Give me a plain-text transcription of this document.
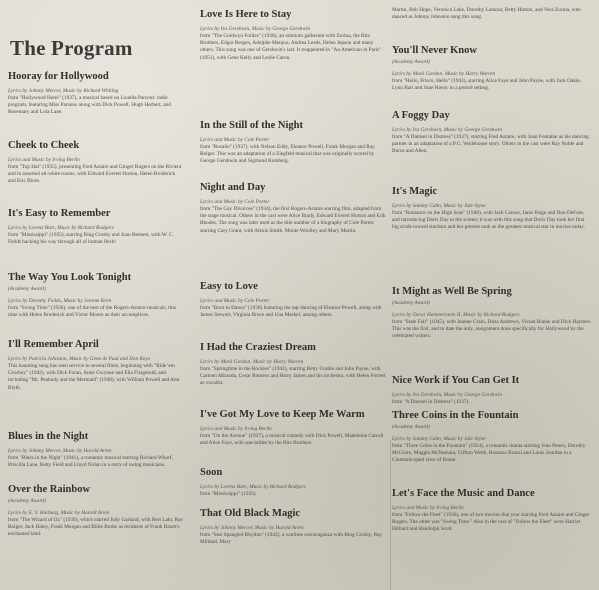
The Program
Hooray for Hollywood
Lyrics by Johnny Mercer, Music by Richard Whiting
from "Hollywood Hotel" (1937), a musical based on Louella Parsons' radio program, featuring Miss Parsons along with Dick Powell, Hugh Herbert, and Rosemary and Lola Lane.
Cheek to Cheek
Lyrics and Music by Irving Berlin
from "Top Hat" (1935), presenting Fred Astaire and Ginger Rogers on the Riviera and in assorted all-white rooms, with Edward Everett Horton, Helen Broderick and Eric Blore.
It's Easy to Remember
Lyrics by Lorenz Hart, Music by Richard Rodgers
from "Mississippi" (1935), starring Bing Crosby and Joan Bennett, with W. C. Fields backing his way through all of human flesh!
The Way You Look Tonight
(Academy Award)
Lyrics by Dorothy Fields, Music by Jerome Kern
from "Swing Time" (1936), one of the best of the Rogers-Astaire musicals, this time with Helen Broderick and Victor Moore as their accomplices.
I'll Remember April
Lyrics by Patricia Johnston, Music by Gene de Paul and Don Raye
This haunting song has seen service in several films, beginning with "Ride 'em Cowboy" (1942), with Dick Foran, Anne Gwynne and Ella Fitzgerald, and including "Mr. Peabody and the Mermaid" (1948), with William Powell and Ann Blyth.
Blues in the Night
Lyrics by Johnny Mercer, Music by Harold Arlen
from "Blues in the Night" (1941), a romantic musical starring Richard Whorf, Priscilla Lane, Betty Field and Lloyd Nolan in a story of swing musicians.
Over the Rainbow
(Academy Award)
Lyrics by E. Y. Harburg, Music by Harold Arlen
from "The Wizard of Oz" (1939), which starred Judy Garland, with Bert Lahr, Ray Bolger, Jack Haley, Frank Morgan and Billie Burke as residents of Frank Baum's enchanted land.
Love Is Here to Stay
Lyrics by Ira Gershwin, Music by George Gershwin
from "The Goldwyn Follies" (1938), an omnium gatherum with Zorina, the Ritz Brothers, Edgar Bergen, Adolphe Menjou, Andrea Leeds, Helen Jepson and many others. This song was one of Gershwin's last. It reappeared in "An American in Paris" (1951), with Gene Kelly and Leslie Caron.
In the Still of the Night
Lyrics and Music by Cole Porter
from "Rosalie" (1937), with Nelson Eddy, Eleanor Powell, Frank Morgan and Ray Bolger. This was an adaptation of a Ziegfeld musical that was originally scored by George Gershwin and Sigmund Romberg.
Night and Day
Lyrics and Music by Cole Porter
from "The Gay Divorcee" (1934), the first Rogers-Astaire starring film, adapted from the stage musical. Others in the cast were Alice Brady, Edward Everett Horton and Erik Rhodes. The song was later used as the title number of a biography of Cole Porter, starring Cary Grant, with Alexis Smith, Monte Woolley and Mary Martin.
Easy to Love
Lyrics and Music by Cole Porter
from "Born to Dance" (1936) featuring the tap-dancing of Eleanor Powell, along with James Stewart, Virginia Bruce and Una Merkel, among others.
I Had the Craziest Dream
Lyrics by Mack Gordon, Music by Harry Warren
from "Springtime in the Rockies" (1942), starring Betty Grable and John Payne, with Carmen Miranda, Cesar Romero and Harry James and his orchestra, with Helen Forrest as vocalist.
I've Got My Love to Keep Me Warm
Lyrics and Music by Irving Berlin
from "On the Avenue" (1937), a musical comedy with Dick Powell, Madeleine Carroll and Alice Faye, with specialties by the Ritz Brothers.
Soon
Lyrics by Lorenz Hart, Music by Richard Rodgers
from "Mississippi" (1935).
That Old Black Magic
Lyrics by Johnny Mercer, Music by Harold Arlen
from "Star Spangled Rhythm" (1942), a wartime extravaganza with Bing Crosby, Ray Milland, Mary
Martin, Bob Hope, Veronica Lake, Dorothy Lamour, Betty Hutton, and Vera Zorina, who danced as Johnny Johnston sang this song.
You'll Never Know
(Academy Award)
Lyrics by Mack Gordon, Music by Harry Warren
from "Hello, Frisco, Hello" (1943), starring Alice Faye and John Payne, with Jack Oakie, Lynn Bari and June Havoc in a period setting.
A Foggy Day
Lyrics by Ira Gershwin, Music by George Gershwin
from "A Damsel in Distress" (1937), starring Fred Astaire, with Joan Fontaine as his dancing partner in an adaptation of a P.G. Wodehouse story. Others in the cast were Ray Noble and Burns and Allen.
It's Magic
Lyrics by Sammy Cahn, Music by Jule Styne
from "Romance on the High Seas" (1948), with Jack Carson, Janis Paige and Don DeFore, and introducing Doris Day to the screen; it was with this song that Doris Day took her first big stride toward stardom and her present rank as the greatest musical star in movies today.
It Might as Well Be Spring
(Academy Award)
Lyrics by Oscar Hammerstein II, Music by Richard Rodgers
from "State Fair" (1945), with Jeanne Crain, Dana Andrews, Vivian Blaine and Dick Haymes. This was the first, and to date the only, assignment done specifically for Hollywood by the celebrated writers.
Nice Work if You Can Get It
Lyrics by Ira Gershwin, Music by George Gershwin
from "A Damsel in Distress" (1937).
Three Coins in the Fountain
(Academy Award)
Lyrics by Sammy Cahn, Music by Jule Styne
from "Three Coins in the Fountain" (1954), a romantic drama starring Jean Peters, Dorothy McGuire, Maggie McNamara, Clifton Webb, Rossano Brazzi and Louis Jourdan in a CinemaScoped view of Rome.
Let's Face the Music and Dance
Lyrics and Music by Irving Berlin
from "Follow the Fleet" (1936), one of two movies that year starring Fred Astaire and Ginger Rogers. The other was "Swing Time." Also in the cast of "Follow the Fleet" were Harriet Hilliard and Randolph Scott.
